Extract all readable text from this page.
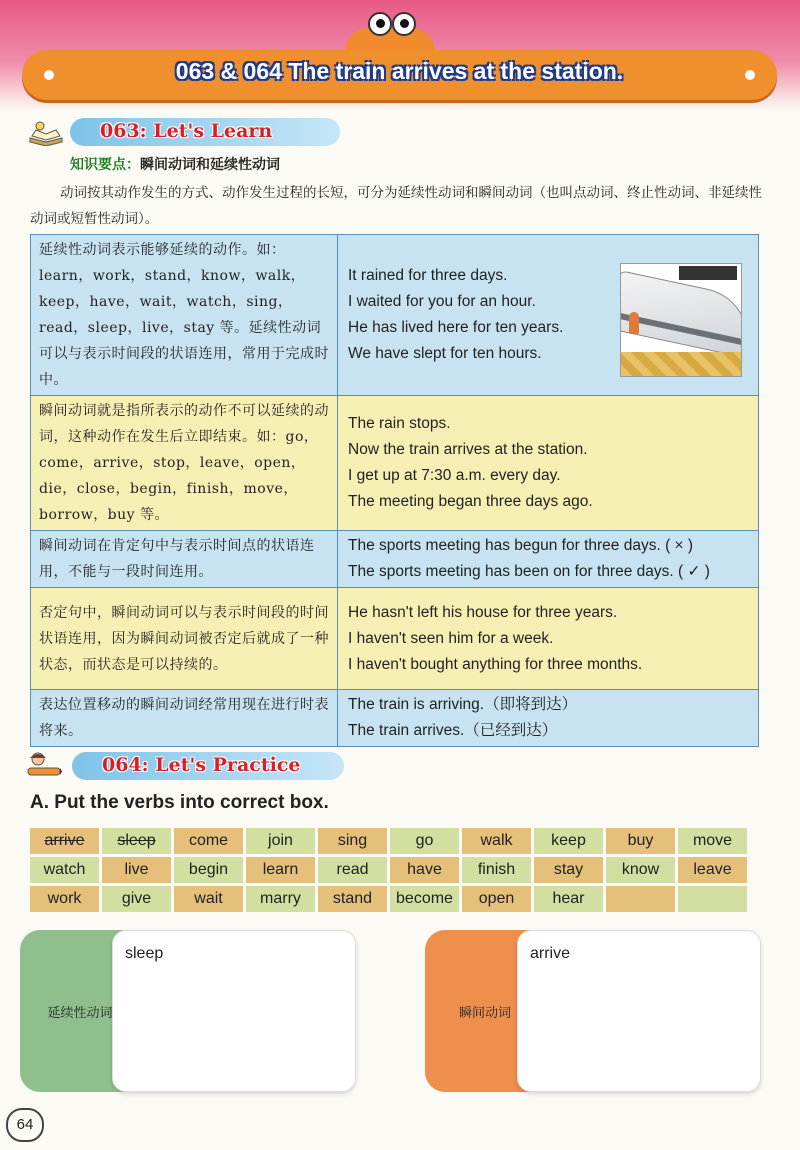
063 & 064 The train arrives at the station.
063: Let's Learn
知识要点：瞬间动词和延续性动词
动词按其动作发生的方式、动作发生过程的长短，可分为延续性动词和瞬间动词（也叫点动词、终止性动词、非延续性动词或短暂性动词）。
延续性动词表示能够延续的动作。如：learn，work，stand，know，walk，keep，have，wait，watch，sing，read，sleep，live，stay 等。延续性动词可以与表示时间段的状语连用，常用于完成时中。	It rained for three days.
I waited for you for an hour.
He has lived here for ten years.
We have slept for ten hours.

瞬间动词就是指所表示的动作不可以延续的动词，这种动作在发生后立即结束。如：go，come，arrive，stop，leave，open，die，close，begin，finish，move，borrow，buy 等。	The rain stops.
Now the train arrives at the station.
I get up at 7:30 a.m. every day.
The meeting began three days ago.

瞬间动词在肯定句中与表示时间点的状语连用，不能与一段时间连用。	The sports meeting has begun for three days. ( × )
The sports meeting has been on for three days. ( ✓ )

否定句中，瞬间动词可以与表示时间段的时间状语连用，因为瞬间动词被否定后就成了一种状态，而状态是可以持续的。	He hasn't left his house for three years.
I haven't seen him for a week.
I haven't bought anything for three months.

表达位置移动的瞬间动词经常用现在进行时表将来。	The train is arriving.（即将到达）
The train arrives.（已经到达）
064: Let's Practice
A. Put the verbs into correct box.
arrive	sleep	come	join	sing	go	walk	keep	buy	move
watch	live	begin	learn	read	have	finish	stay	know	leave
work	give	wait	marry	stand	become	open	hear
延续性动词
sleep
瞬间动词
arrive
64
